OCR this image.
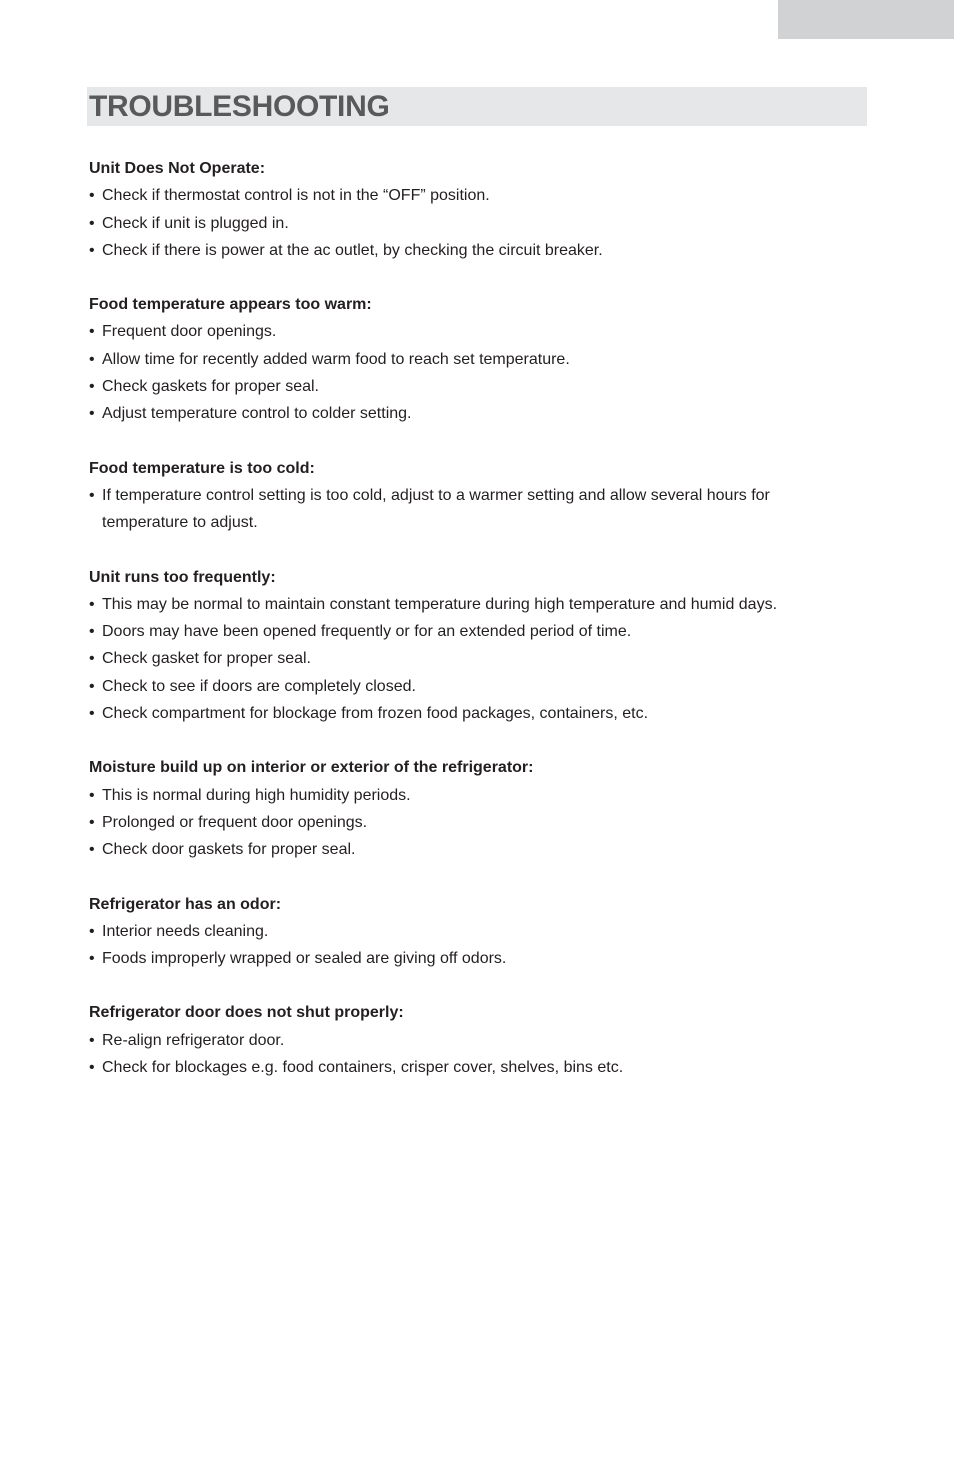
TROUBLESHOOTING

Unit Does Not Operate:

• Check if thermostat control is not in the “OFF” position.
• Check if unit is plugged in.
• Check if there is power at the ac outlet, by checking the circuit breaker.

Food temperature appears too warm:

• Frequent door openings.
• Allow time for recently added warm food to reach set temperature.
• Check gaskets for proper seal.
• Adjust temperature control to colder setting.

Food temperature is too cold:

• If temperature control setting is too cold, adjust to a warmer setting and allow several hours for temperature to adjust.

Unit runs too frequently:

• This may be normal to maintain constant temperature during high temperature and humid days.
• Doors may have been opened frequently or for an extended period of time.
• Check gasket for proper seal.
• Check to see if doors are completely closed.
• Check compartment for blockage from frozen food packages, containers, etc.

Moisture build up on interior or exterior of the refrigerator:

• This is normal during high humidity periods.
• Prolonged or frequent door openings.
• Check door gaskets for proper seal.

Refrigerator has an odor:

• Interior needs cleaning.
• Foods improperly wrapped or sealed are giving off odors.

Refrigerator door does not shut properly:

• Re-align refrigerator door.
• Check for blockages e.g. food containers, crisper cover, shelves, bins etc.
